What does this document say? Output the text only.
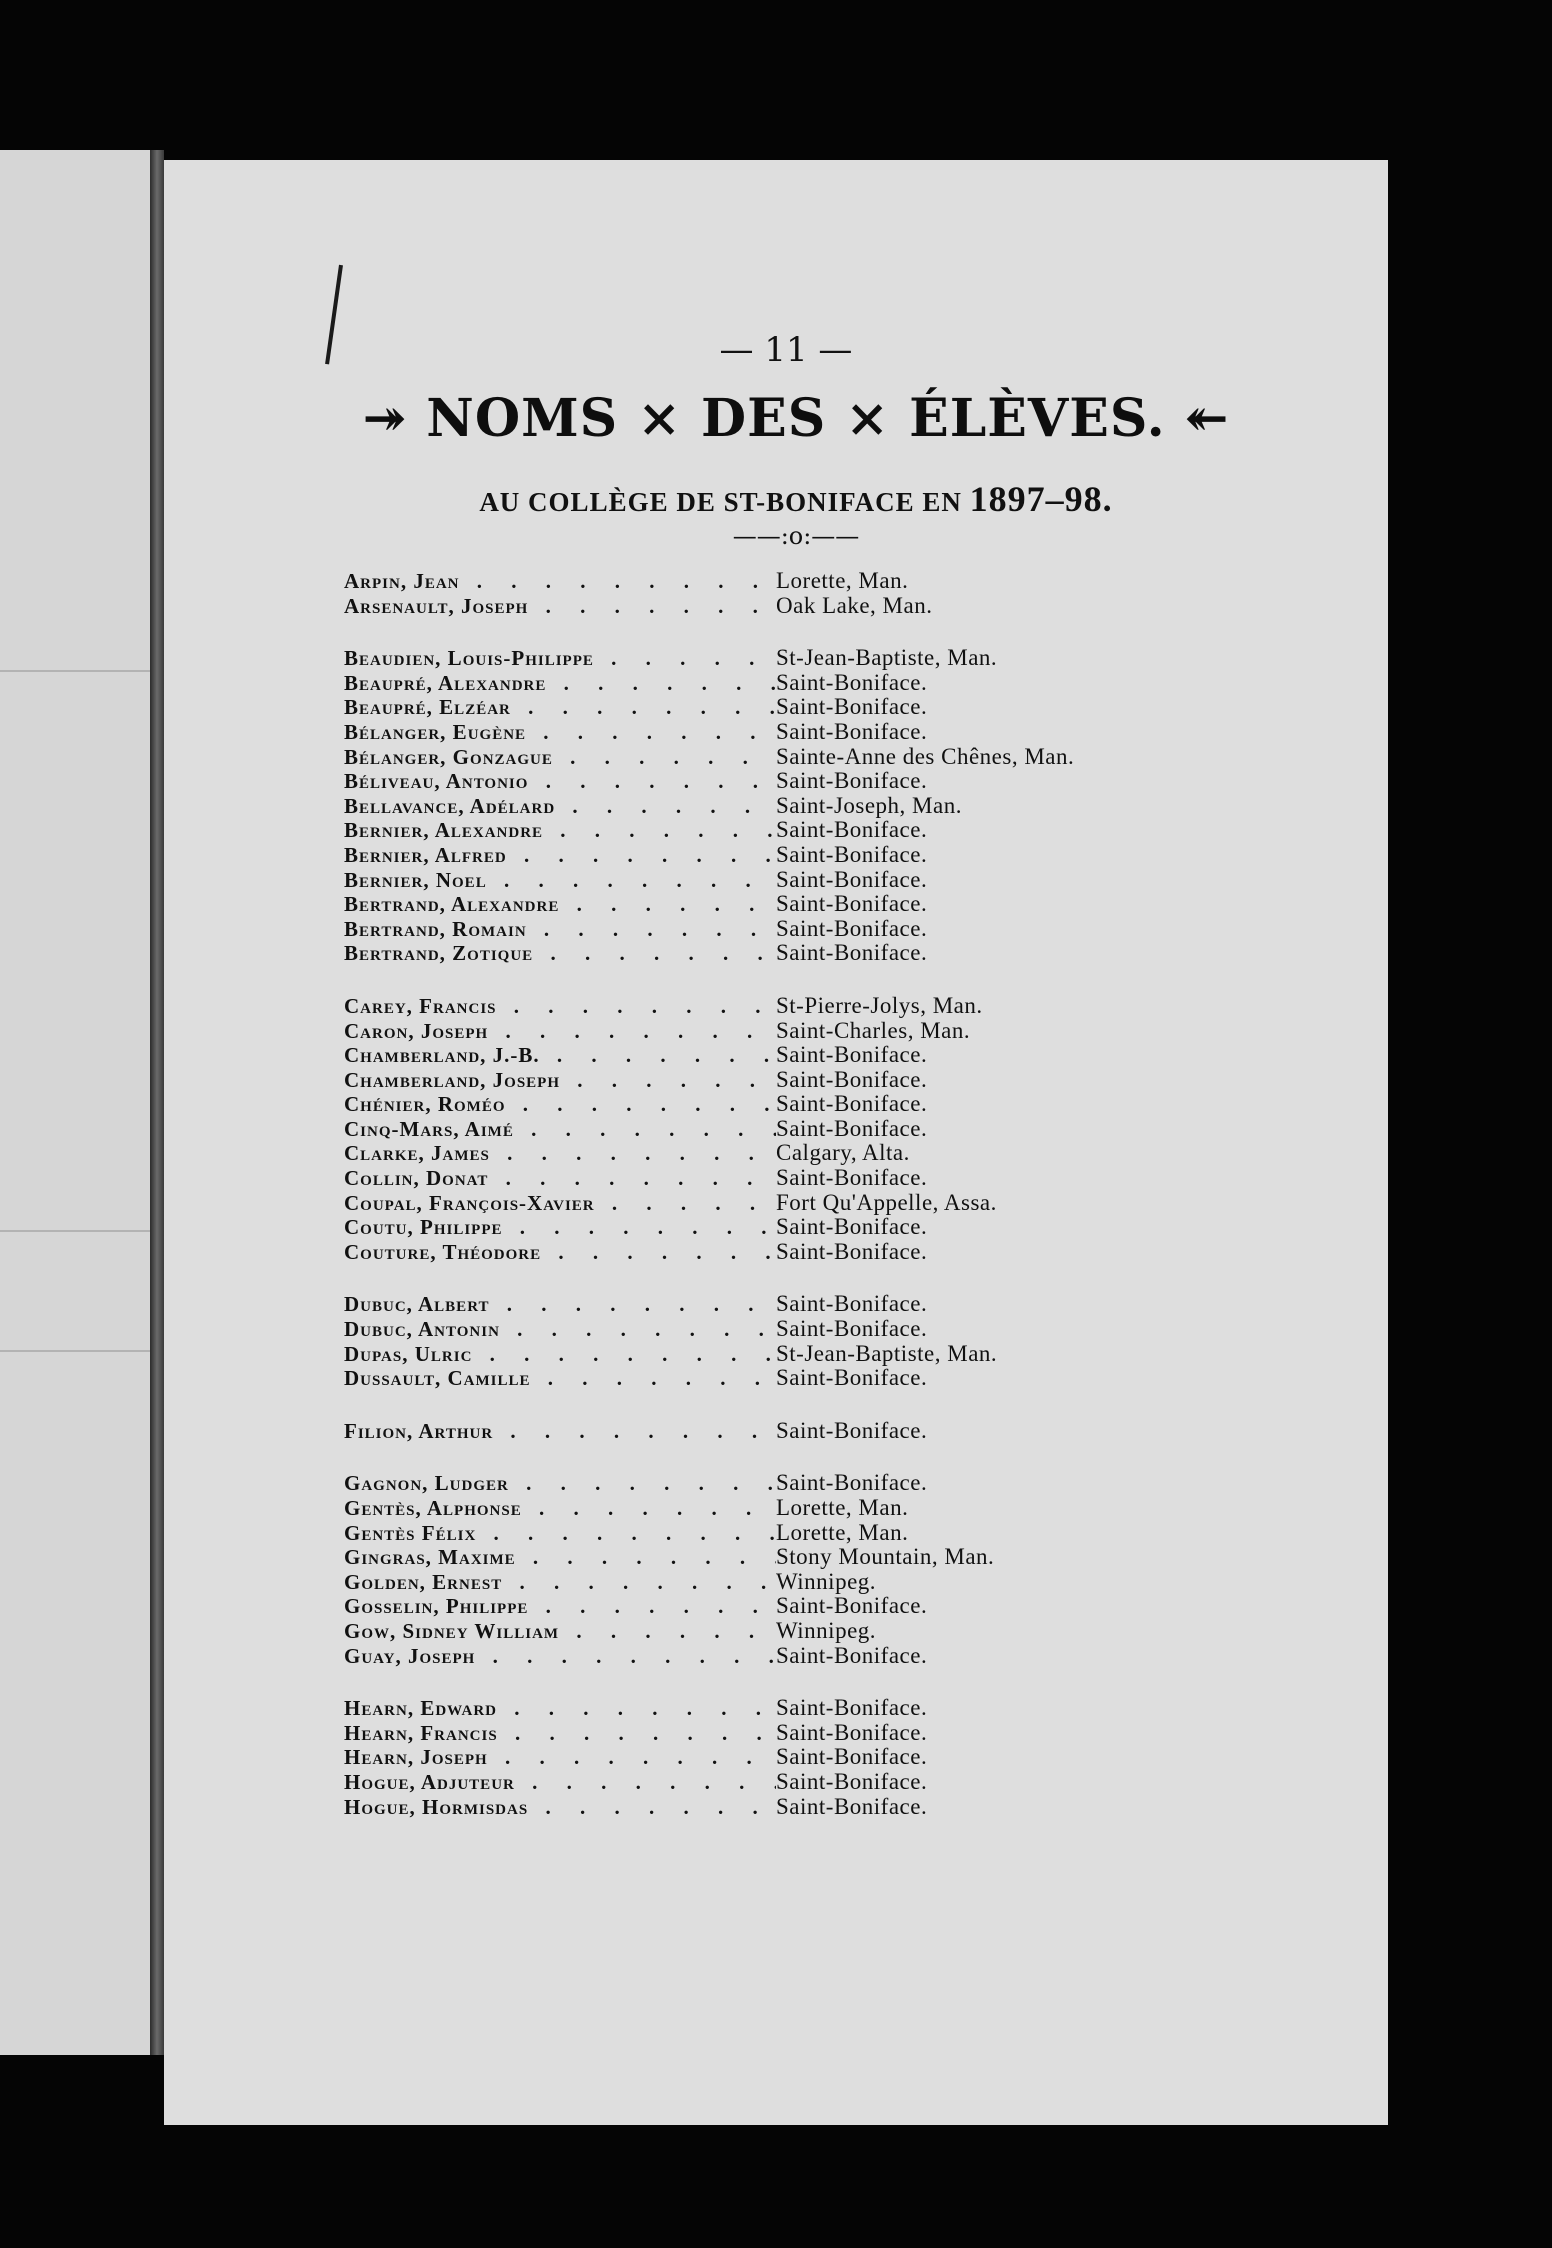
— 11 —
↠ NOMS × DES × ÉLÈVES. ↞
AU COLLÈGE DE ST-BONIFACE EN 1897–98.
——:o:——
Arpin, Jean . . .	Lorette, Man.
Arsenault, Joseph . . .	Oak Lake, Man.
Beaudien, Louis-Philippe . . .	St-Jean-Baptiste, Man.
Beaupré, Alexandre . . .	Saint-Boniface.
Beaupré, Elzéar . . .	Saint-Boniface.
Bélanger, Eugène . . .	Saint-Boniface.
Bélanger, Gonzague . . .	Sainte-Anne des Chênes, Man.
Béliveau, Antonio . . .	Saint-Boniface.
Bellavance, Adélard . . .	Saint-Joseph, Man.
Bernier, Alexandre . . .	Saint-Boniface.
Bernier, Alfred . . .	Saint-Boniface.
Bernier, Noel . . .	Saint-Boniface.
Bertrand, Alexandre . . .	Saint-Boniface.
Bertrand, Romain . . .	Saint-Boniface.
Bertrand, Zotique . . .	Saint-Boniface.
Carey, Francis . . .	St-Pierre-Jolys, Man.
Caron, Joseph . . .	Saint-Charles, Man.
Chamberland, J.-B. . . .	Saint-Boniface.
Chamberland, Joseph . . .	Saint-Boniface.
Chénier, Roméo . . .	Saint-Boniface.
Cinq-Mars, Aimé . . .	Saint-Boniface.
Clarke, James . . .	Calgary, Alta.
Collin, Donat . . .	Saint-Boniface.
Coupal, François-Xavier . . .	Fort Qu'Appelle, Assa.
Coutu, Philippe . . .	Saint-Boniface.
Couture, Théodore . . .	Saint-Boniface.
Dubuc, Albert . . .	Saint-Boniface.
Dubuc, Antonin . . .	Saint-Boniface.
Dupas, Ulric . . .	St-Jean-Baptiste, Man.
Dussault, Camille . . .	Saint-Boniface.
Filion, Arthur . . .	Saint-Boniface.
Gagnon, Ludger . . .	Saint-Boniface.
Gentès, Alphonse . . .	Lorette, Man.
Gentès Félix . . .	Lorette, Man.
Gingras, Maxime . . .	Stony Mountain, Man.
Golden, Ernest . . .	Winnipeg.
Gosselin, Philippe . . .	Saint-Boniface.
Gow, Sidney William . . .	Winnipeg.
Guay, Joseph . . .	Saint-Boniface.
Hearn, Edward . . .	Saint-Boniface.
Hearn, Francis . . .	Saint-Boniface.
Hearn, Joseph . . .	Saint-Boniface.
Hogue, Adjuteur . . .	Saint-Boniface.
Hogue, Hormisdas . . .	Saint-Boniface.
